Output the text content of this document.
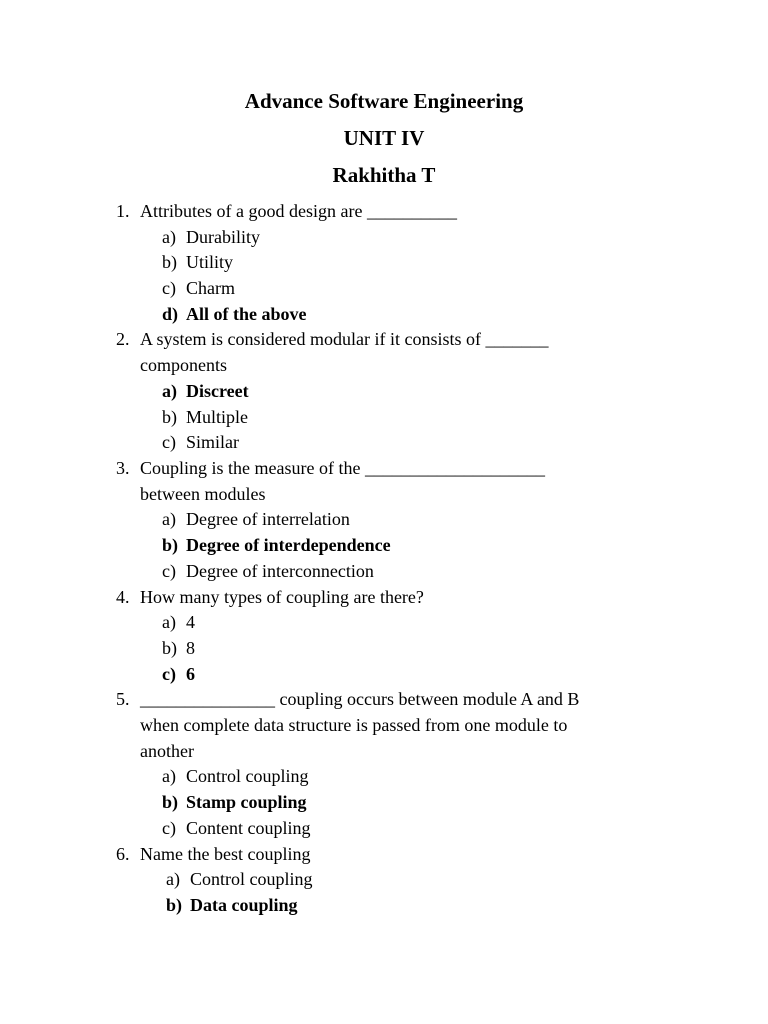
Advance Software Engineering
UNIT IV
Rakhitha T
1. Attributes of a good design are __________
a) Durability
b) Utility
c) Charm
d) All of the above
2. A system is considered modular if it consists of _______
components
a) Discreet
b) Multiple
c) Similar
3. Coupling is the measure of the ____________________
between modules
a) Degree of interrelation
b) Degree of interdependence
c) Degree of interconnection
4. How many types of coupling are there?
a) 4
b) 8
c) 6
5. _______________ coupling occurs between module A and B
when complete data structure is passed from one module to
another
a) Control coupling
b) Stamp coupling
c) Content coupling
6. Name the best coupling
a) Control coupling
b) Data coupling
